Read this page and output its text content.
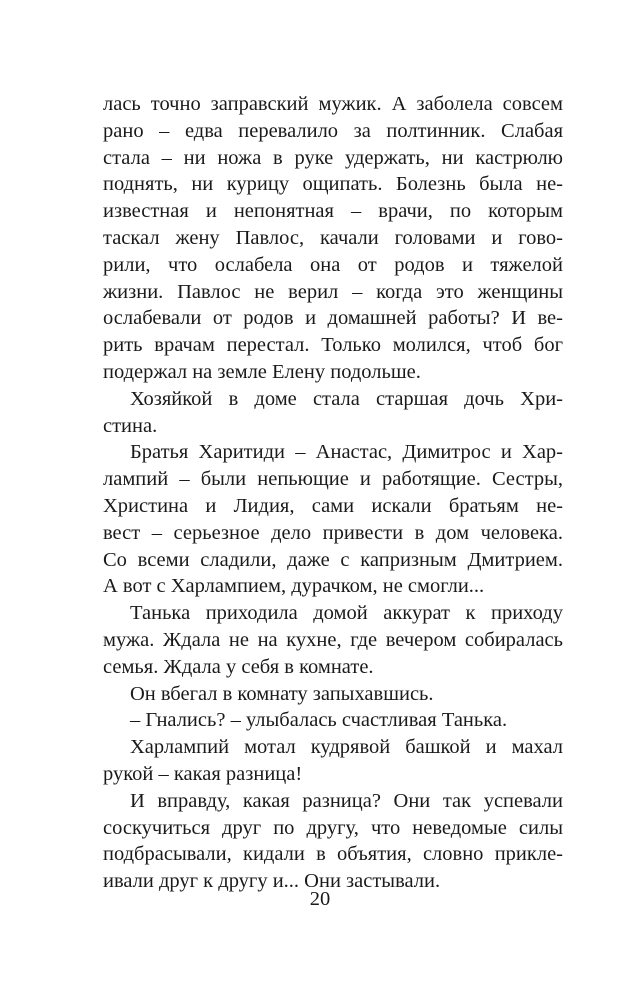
лась точно заправский мужик. А заболела совсем
рано – едва перевалило за полтинник. Слабая
стала – ни ножа в руке удержать, ни кастрюлю
поднять, ни курицу ощипать. Болезнь была не-
известная и непонятная – врачи, по которым
таскал жену Павлос, качали головами и гово-
рили, что ослабела она от родов и тяжелой
жизни. Павлос не верил – когда это женщины
ослабевали от родов и домашней работы? И ве-
рить врачам перестал. Только молился, чтоб бог
подержал на земле Елену подольше.
Хозяйкой в доме стала старшая дочь Хри-
стина.
Братья Харитиди – Анастас, Димитрос и Хар-
лампий – были непьющие и работящие. Сестры,
Христина и Лидия, сами искали братьям не-
вест – серьезное дело привести в дом человека.
Со всеми сладили, даже с капризным Дмитрием.
А вот с Харлампием, дурачком, не смогли...
Танька приходила домой аккурат к приходу
мужа. Ждала не на кухне, где вечером собиралась
семья. Ждала у себя в комнате.
Он вбегал в комнату запыхавшись.
– Гнались? – улыбалась счастливая Танька.
Харлампий мотал кудрявой башкой и махал
рукой – какая разница!
И вправду, какая разница? Они так успевали
соскучиться друг по другу, что неведомые силы
подбрасывали, кидали в объятия, словно прикле-
ивали друг к другу и... Они застывали.
20
